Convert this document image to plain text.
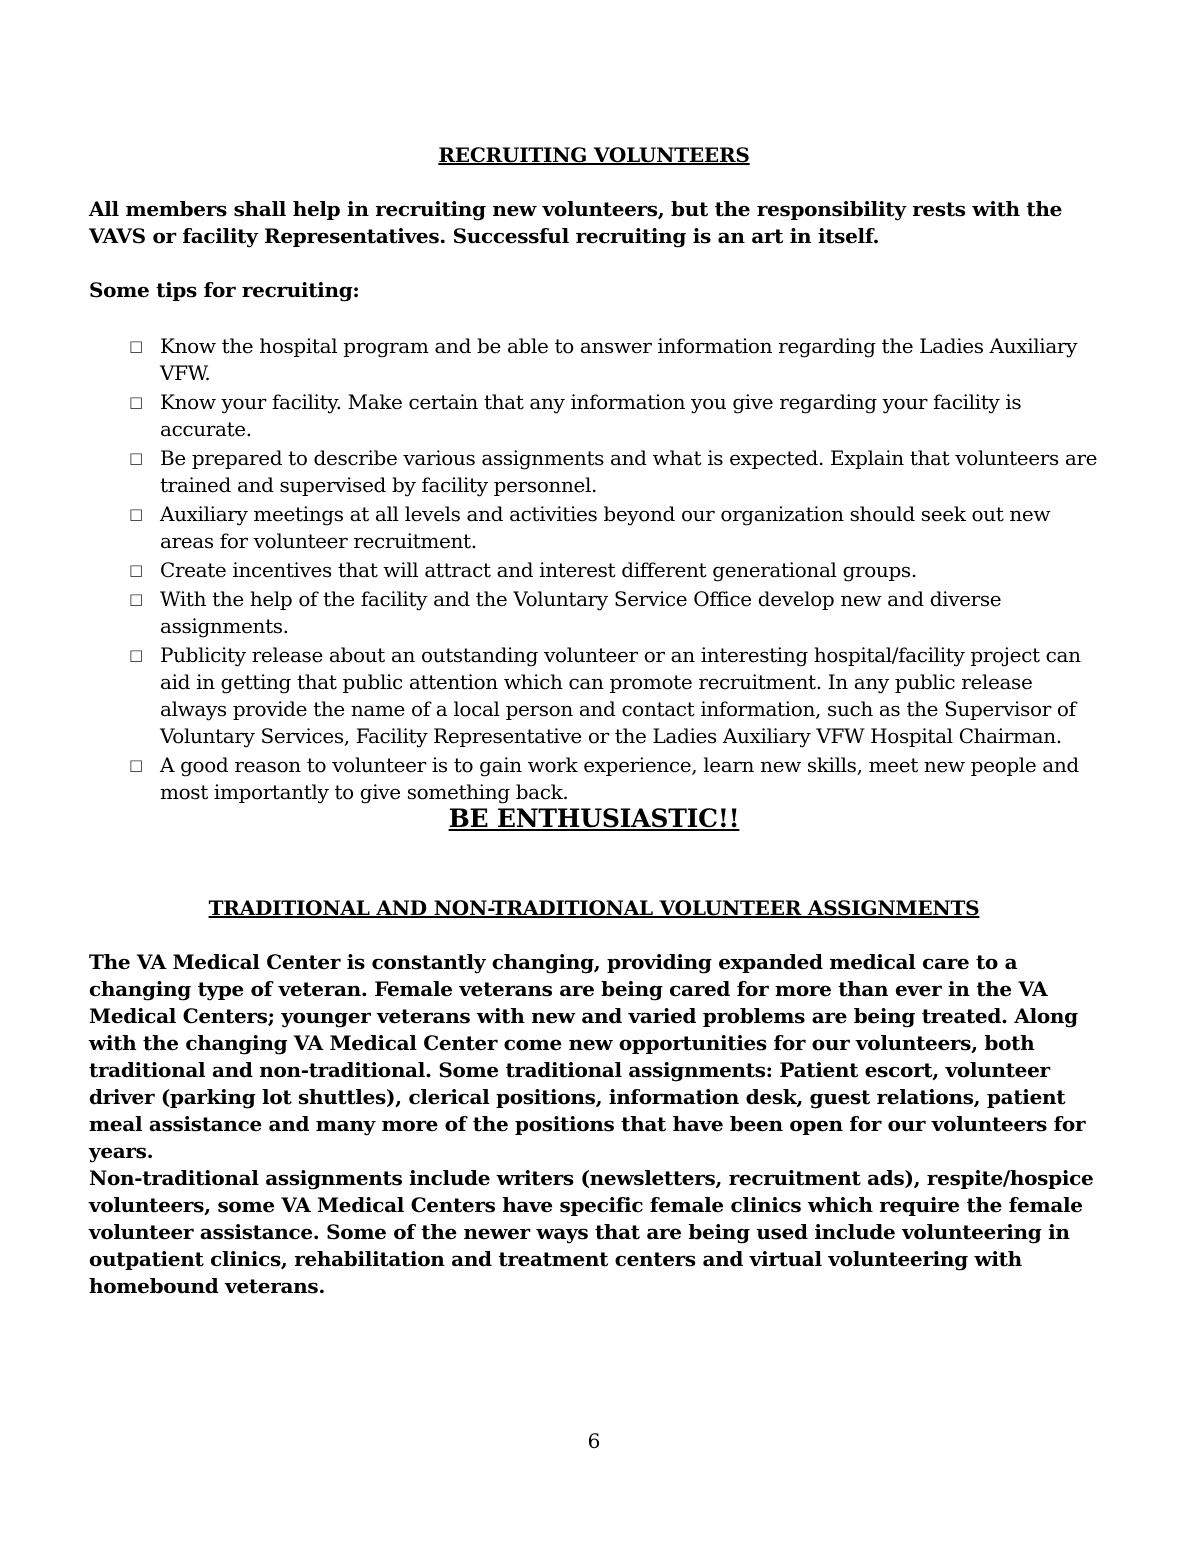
RECRUITING VOLUNTEERS

All members shall help in recruiting new volunteers, but the responsibility rests with the VAVS or facility Representatives. Successful recruiting is an art in itself.

Some tips for recruiting:

□ Know the hospital program and be able to answer information regarding the Ladies Auxiliary VFW.
□ Know your facility. Make certain that any information you give regarding your facility is accurate.
□ Be prepared to describe various assignments and what is expected. Explain that volunteers are trained and supervised by facility personnel.
□ Auxiliary meetings at all levels and activities beyond our organization should seek out new areas for volunteer recruitment.
□ Create incentives that will attract and interest different generational groups.
□ With the help of the facility and the Voluntary Service Office develop new and diverse assignments.
□ Publicity release about an outstanding volunteer or an interesting hospital/facility project can aid in getting that public attention which can promote recruitment. In any public release always provide the name of a local person and contact information, such as the Supervisor of Voluntary Services, Facility Representative or the Ladies Auxiliary VFW Hospital Chairman.
□ A good reason to volunteer is to gain work experience, learn new skills, meet new people and most importantly to give something back.
BE ENTHUSIASTIC!!
TRADITIONAL AND NON-TRADITIONAL VOLUNTEER ASSIGNMENTS

The VA Medical Center is constantly changing, providing expanded medical care to a changing type of veteran. Female veterans are being cared for more than ever in the VA Medical Centers; younger veterans with new and varied problems are being treated. Along with the changing VA Medical Center come new opportunities for our volunteers, both traditional and non-traditional. Some traditional assignments: Patient escort, volunteer driver (parking lot shuttles), clerical positions, information desk, guest relations, patient meal assistance and many more of the positions that have been open for our volunteers for years.

Non-traditional assignments include writers (newsletters, recruitment ads), respite/hospice volunteers, some VA Medical Centers have specific female clinics which require the female volunteer assistance. Some of the newer ways that are being used include volunteering in outpatient clinics, rehabilitation and treatment centers and virtual volunteering with homebound veterans.

6
